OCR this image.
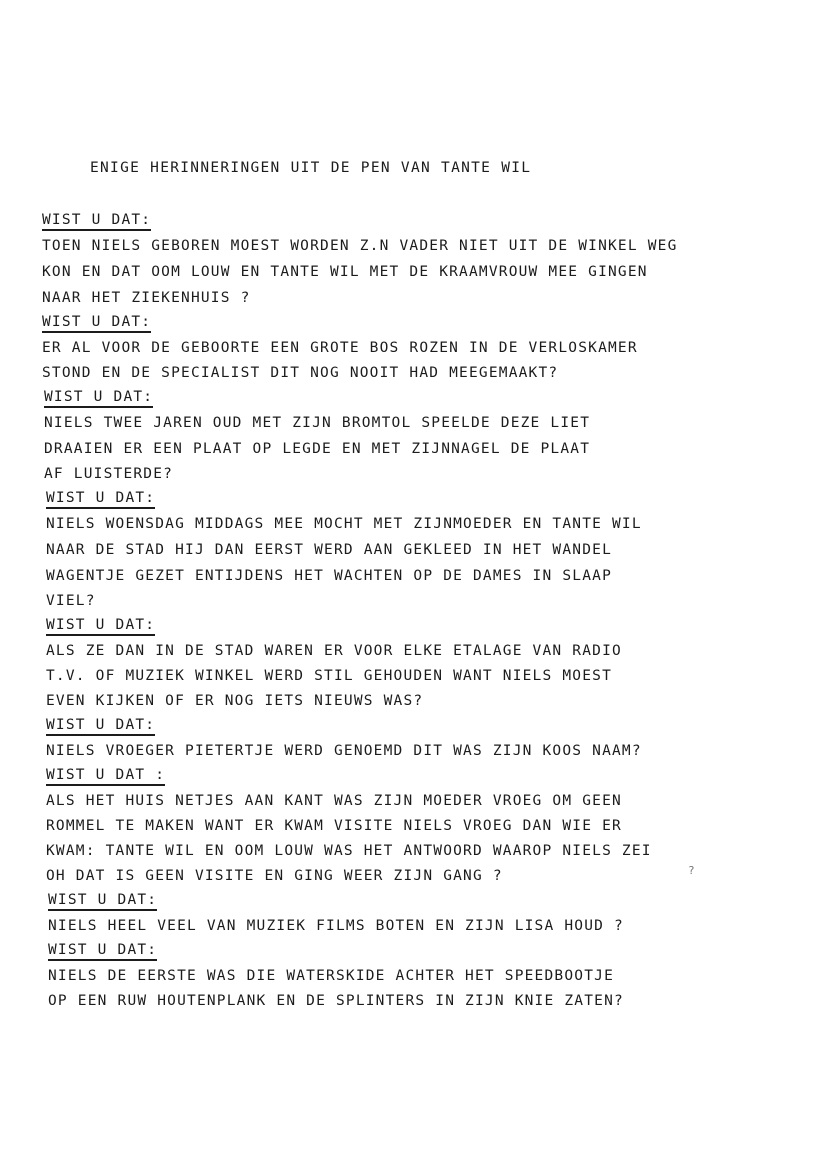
ENIGE HERINNERINGEN UIT DE PEN VAN TANTE WIL
WIST U DAT:
TOEN NIELS GEBOREN MOEST WORDEN Z.N VADER NIET UIT DE WINKEL WEG
KON EN DAT OOM LOUW EN TANTE WIL MET DE KRAAMVROUW MEE GINGEN
NAAR HET ZIEKENHUIS ?
WIST U DAT:
ER AL VOOR DE GEBOORTE EEN GROTE BOS ROZEN IN DE VERLOSKAMER
STOND EN DE SPECIALIST DIT NOG NOOIT HAD MEEGEMAAKT?
WIST U DAT:
NIELS TWEE JAREN OUD MET ZIJN BROMTOL SPEELDE DEZE LIET
DRAAIEN ER EEN PLAAT OP LEGDE EN MET ZIJNNAGEL DE PLAAT
AF LUISTERDE?
WIST U DAT:
NIELS WOENSDAG MIDDAGS MEE MOCHT MET ZIJNMOEDER EN TANTE WIL
NAAR DE STAD HIJ DAN EERST WERD AAN GEKLEED IN HET WANDEL
WAGENTJE GEZET ENTIJDENS HET WACHTEN OP DE DAMES IN SLAAP
VIEL?
WIST U DAT:
ALS ZE DAN IN DE STAD WAREN ER VOOR ELKE ETALAGE VAN RADIO
T.V. OF MUZIEK WINKEL WERD STIL GEHOUDEN WANT NIELS MOEST
EVEN KIJKEN OF ER NOG IETS NIEUWS WAS?
WIST U DAT:
NIELS VROEGER PIETERTJE WERD GENOEMD DIT WAS ZIJN KOOS NAAM?
WIST U DAT :
ALS HET HUIS NETJES AAN KANT WAS ZIJN MOEDER VROEG OM GEEN
ROMMEL TE MAKEN WANT ER KWAM VISITE NIELS VROEG DAN WIE ER
KWAM: TANTE WIL EN OOM LOUW WAS HET ANTWOORD WAAROP NIELS ZEI
OH DAT IS GEEN VISITE EN GING WEER ZIJN GANG ?
WIST U DAT:
NIELS HEEL VEEL VAN MUZIEK FILMS BOTEN EN ZIJN LISA HOUD ?
WIST U DAT:
NIELS DE EERSTE WAS DIE WATERSKIDE ACHTER HET SPEEDBOOTJE
OP EEN RUW HOUTENPLANK EN DE SPLINTERS IN ZIJN KNIE ZATEN?
?
